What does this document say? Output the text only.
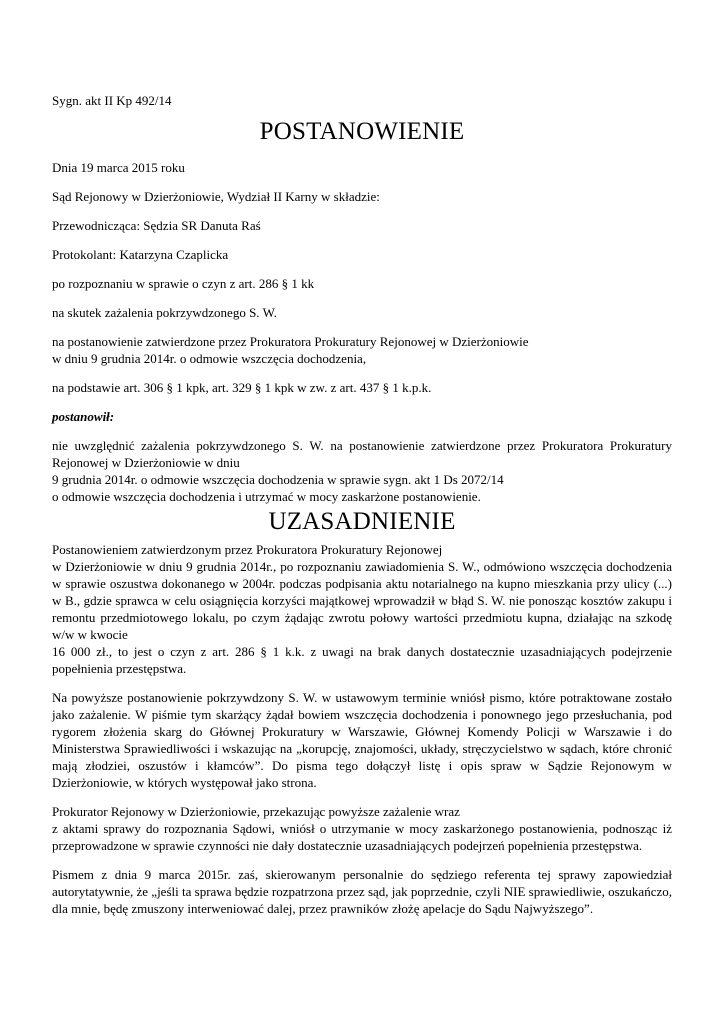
Sygn. akt II Kp 492/14
POSTANOWIENIE
Dnia 19 marca 2015 roku
Sąd Rejonowy w Dzierżoniowie, Wydział II Karny w składzie:
Przewodnicząca: Sędzia SR Danuta Raś
Protokolant: Katarzyna Czaplicka
po rozpoznaniu w sprawie o czyn z art. 286 § 1 kk
na skutek zażalenia pokrzywdzonego S. W.
na postanowienie zatwierdzone przez Prokuratora Prokuratury Rejonowej w Dzierżoniowie
w dniu 9 grudnia 2014r. o odmowie wszczęcia dochodzenia,
na podstawie art. 306 § 1 kpk, art. 329 § 1 kpk w zw. z art. 437 § 1 k.p.k.
postanowił:
nie uwzględnić zażalenia pokrzywdzonego S. W. na postanowienie zatwierdzone przez Prokuratora Prokuratury Rejonowej w Dzierżoniowie w dniu
9 grudnia 2014r. o odmowie wszczęcia dochodzenia w sprawie sygn. akt 1 Ds 2072/14
o odmowie wszczęcia dochodzenia i utrzymać w mocy zaskarżone postanowienie.
UZASADNIENIE
Postanowieniem zatwierdzonym przez Prokuratora Prokuratury Rejonowej
w Dzierżoniowie w dniu 9 grudnia 2014r., po rozpoznaniu zawiadomienia S. W., odmówiono wszczęcia dochodzenia w sprawie oszustwa dokonanego w 2004r. podczas podpisania aktu notarialnego na kupno mieszkania przy ulicy (...) w B., gdzie sprawca w celu osiągnięcia korzyści majątkowej wprowadził w błąd S. W. nie ponosząc kosztów zakupu i remontu przedmiotowego lokalu, po czym żądając zwrotu połowy wartości przedmiotu kupna, działając na szkodę w/w w kwocie
16 000 zł., to jest o czyn z art. 286 § 1 k.k. z uwagi na brak danych dostatecznie uzasadniających podejrzenie popełnienia przestępstwa.
Na powyższe postanowienie pokrzywdzony S. W. w ustawowym terminie wniósł pismo, które potraktowane zostało jako zażalenie. W piśmie tym skarżący żądał bowiem wszczęcia dochodzenia i ponownego jego przesłuchania, pod rygorem złożenia skarg do Głównej Prokuratury w Warszawie, Głównej Komendy Policji w Warszawie i do Ministerstwa Sprawiedliwości i wskazując na „korupcję, znajomości, układy, stręczycielstwo w sądach, które chronić mają złodziei, oszustów i kłamców”. Do pisma tego dołączył listę i opis spraw w Sądzie Rejonowym w Dzierżoniowie, w których występował jako strona.
Prokurator Rejonowy w Dzierżoniowie, przekazując powyższe zażalenie wraz
z aktami sprawy do rozpoznania Sądowi, wniósł o utrzymanie w mocy zaskarżonego postanowienia, podnosząc iż przeprowadzone w sprawie czynności nie dały dostatecznie uzasadniających podejrzeń popełnienia przestępstwa.
Pismem z dnia 9 marca 2015r. zaś, skierowanym personalnie do sędziego referenta tej sprawy zapowiedział autorytatywnie, że „jeśli ta sprawa będzie rozpatrzona przez sąd, jak poprzednie, czyli NIE sprawiedliwie, oszukańczo, dla mnie, będę zmuszony interweniować dalej, przez prawników złożę apelacje do Sądu Najwyższego”.
